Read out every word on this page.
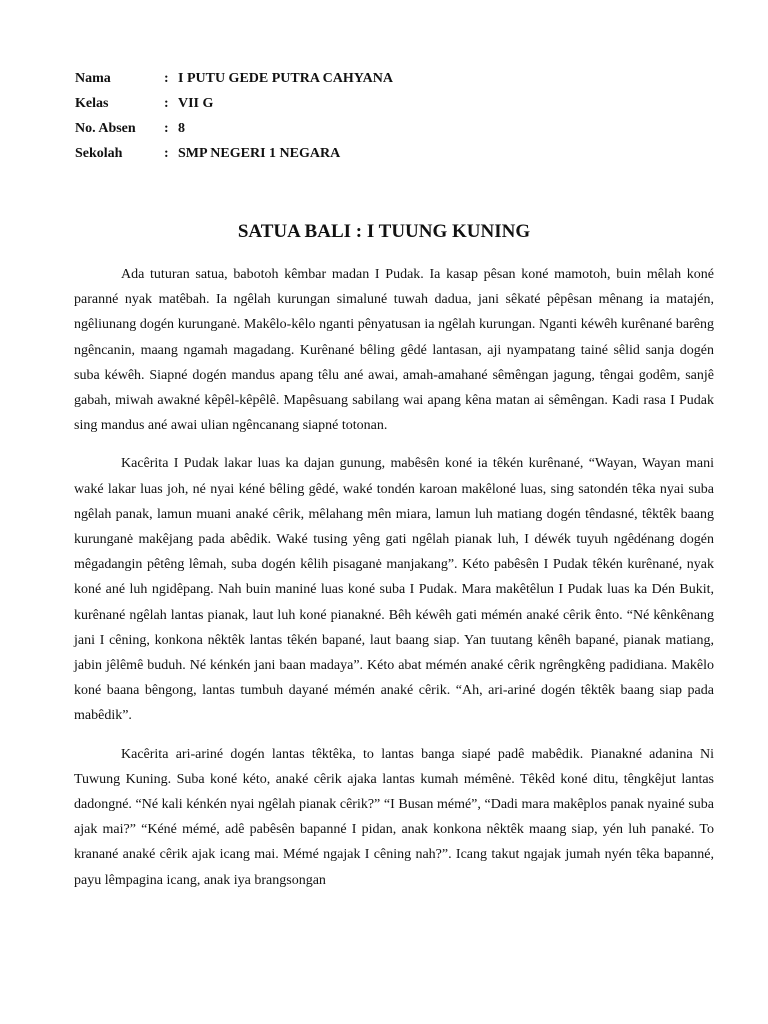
Nama	: I PUTU GEDE PUTRA CAHYANA
Kelas	: VII G
No. Absen	: 8
Sekolah	: SMP NEGERI 1 NEGARA
SATUA BALI : I TUUNG KUNING

Ada tuturan satua, babotoh kêmbar madan I Pudak. Ia kasap pêsan koné mamotoh, buin mêlah koné paranné nyak matêbah. Ia ngêlah kurungan simaluné tuwah dadua, jani sêkaté pêpêsan mênang ia matajén, ngêliunang dogén kurunganė. Makêlo-kêlo nganti pênyatusan ia ngêlah kurungan. Nganti kéwêh kurênané barêng ngêncanin, maang ngamah magadang. Kurênané bêling gêdé lantasan, aji nyampatang tainé sêlid sanja dogén suba kéwêh. Siapné dogén mandus apang têlu ané awai, amah-amahané sêmêngan jagung, têngai godêm, sanjê gabah, miwah awakné kêpêl-kêpêlê. Mapêsuang sabilang wai apang kêna matan ai sêmêngan. Kadi rasa I Pudak sing mandus ané awai ulian ngêncanang siapné totonan.

Kacêrita I Pudak lakar luas ka dajan gunung, mabêsên koné ia têkén kurênané, “Wayan, Wayan mani waké lakar luas joh, né nyai kéné bêling gêdé, waké tondén karoan makêloné luas, sing satondén têka nyai suba ngêlah panak, lamun muani anaké cêrik, mêlahang mên miara, lamun luh matiang dogén têndasné, têktêk baang kurunganė makêjang pada abêdik. Waké tusing yêng gati ngêlah pianak luh, I déwék tuyuh ngêdénang dogén mêgadangin pêtêng lêmah, suba dogén kêlih pisaganė manjakang”. Kéto pabêsên I Pudak têkén kurênané, nyak koné ané luh ngidêpang. Nah buin maniné luas koné suba I Pudak. Mara makêtêlun I Pudak luas ka Dén Bukit, kurênané ngêlah lantas pianak, laut luh koné pianakné. Bêh kéwêh gati mémén anaké cêrik ênto. “Né kênkênang jani I cêning, konkona nêktêk lantas têkén bapané, laut baang siap. Yan tuutang kênêh bapané, pianak matiang, jabin jêlêmê buduh. Né kénkén jani baan madaya”. Kéto abat mémén anaké cêrik ngrêngkêng padidiana. Makêlo koné baana bêngong, lantas tumbuh dayané mémén anaké cêrik. “Ah, ari-ariné dogén têktêk baang siap pada mabêdik”.

Kacêrita ari-ariné dogén lantas têktêka, to lantas banga siapé padê mabêdik. Pianakné adanina Ni Tuwung Kuning. Suba koné kéto, anaké cêrik ajaka lantas kumah mémênė. Têkêd koné ditu, têngkêjut lantas dadongné. “Né kali kénkén nyai ngêlah pianak cêrik?” “I Busan mémé”, “Dadi mara makêplos panak nyainé suba ajak mai?” “Kéné mémé, adê pabêsên bapanné I pidan, anak konkona nêktêk maang siap, yén luh panaké. To kranané anaké cêrik ajak icang mai. Mémé ngajak I cêning nah?”. Icang takut ngajak jumah nyén têka bapanné, payu lêmpagina icang, anak iya brangsongan
